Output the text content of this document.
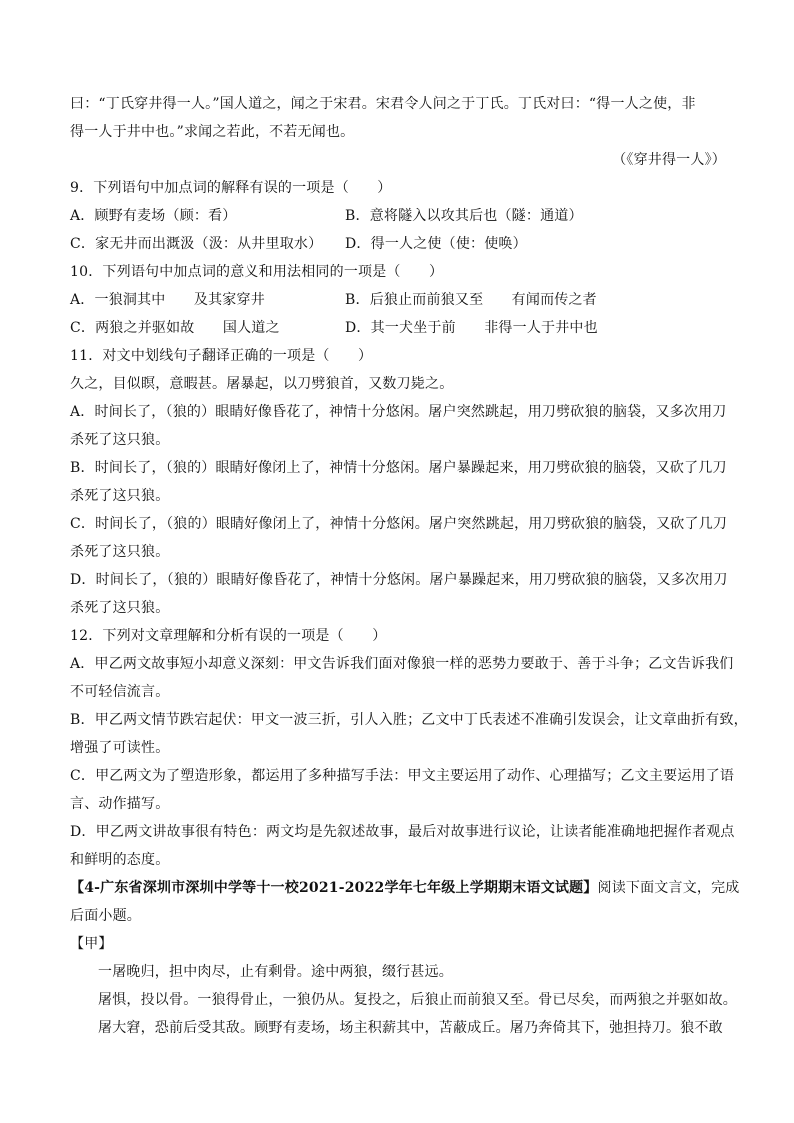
曰：“丁氏穿井得一人。”国人道之，闻之于宋君。宋君令人问之于丁氏。丁氏对曰：“得一人之使，非
得一人于井中也。”求闻之若此，不若无闻也。
（《穿井得一人》）
9．下列语句中加点词的解释有误的一项是（　　）
A．顾野有麦场（顾：看）	B．意将隧入以攻其后也（隧：通道）
C．家无井而出溉汲（汲：从井里取水）	D．得一人之使（使：使唤）
10．下列语句中加点词的意义和用法相同的一项是（　　）
A．一狼洞其中　　及其家穿井	B．后狼止而前狼又至　　有闻而传之者
C．两狼之并驱如故　　国人道之	D．其一犬坐于前　　非得一人于井中也
11．对文中划线句子翻译正确的一项是（　　）
久之，目似瞑，意暇甚。屠暴起，以刀劈狼首，又数刀毙之。
A．时间长了，（狼的）眼睛好像昏花了，神情十分悠闲。屠户突然跳起，用刀劈砍狼的脑袋，又多次用刀
杀死了这只狼。
B．时间长了，（狼的）眼睛好像闭上了，神情十分悠闲。屠户暴躁起来，用刀劈砍狼的脑袋，又砍了几刀
杀死了这只狼。
C．时间长了，（狼的）眼睛好像闭上了，神情十分悠闲。屠户突然跳起，用刀劈砍狼的脑袋，又砍了几刀
杀死了这只狼。
D．时间长了，（狼的）眼睛好像昏花了，神情十分悠闲。屠户暴躁起来，用刀劈砍狼的脑袋，又多次用刀
杀死了这只狼。
12．下列对文章理解和分析有误的一项是（　　）
A．甲乙两文故事短小却意义深刻：甲文告诉我们面对像狼一样的恶势力要敢于、善于斗争；乙文告诉我们
不可轻信流言。
B．甲乙两文情节跌宕起伏：甲文一波三折，引人入胜；乙文中丁氏表述不准确引发误会，让文章曲折有致，
增强了可读性。
C．甲乙两文为了塑造形象，都运用了多种描写手法：甲文主要运用了动作、心理描写；乙文主要运用了语
言、动作描写。
D．甲乙两文讲故事很有特色：两文均是先叙述故事，最后对故事进行议论，让读者能准确地把握作者观点
和鲜明的态度。
【4-广东省深圳市深圳中学等十一校2021-2022学年七年级上学期期末语文试题】阅读下面文言文，完成
后面小题。
【甲】
一屠晚归，担中肉尽，止有剩骨。途中两狼，缀行甚远。
屠惧，投以骨。一狼得骨止，一狼仍从。复投之，后狼止而前狼又至。骨已尽矣，而两狼之并驱如故。
屠大窘，恐前后受其敌。顾野有麦场，场主积薪其中，苫蔽成丘。屠乃奔倚其下，弛担持刀。狼不敢
